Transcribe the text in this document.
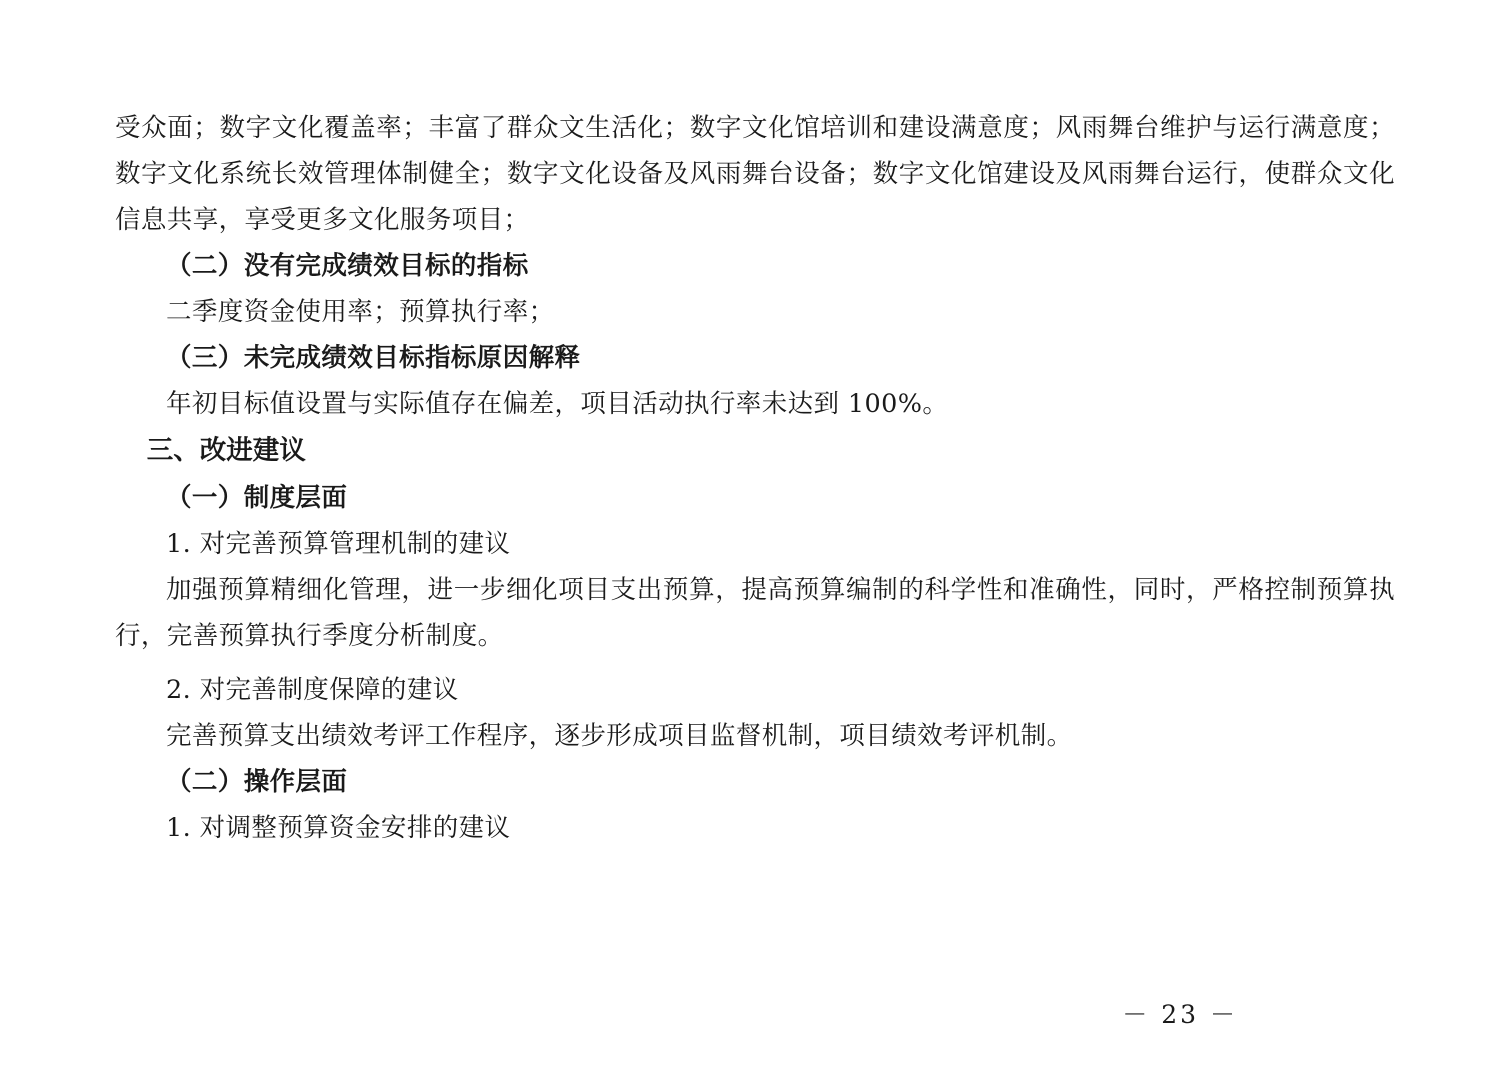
受众面；数字文化覆盖率；丰富了群众文生活化；数字文化馆培训和建设满意度；风雨舞台维护与运行满意度；数字文化系统长效管理体制健全；数字文化设备及风雨舞台设备；数字文化馆建设及风雨舞台运行，使群众文化信息共享，享受更多文化服务项目；

（二）没有完成绩效目标的指标

二季度资金使用率；预算执行率；

（三）未完成绩效目标指标原因解释

年初目标值设置与实际值存在偏差，项目活动执行率未达到 100%。

三、改进建议

（一）制度层面

1. 对完善预算管理机制的建议

加强预算精细化管理，进一步细化项目支出预算，提高预算编制的科学性和准确性，同时，严格控制预算执行，完善预算执行季度分析制度。

2. 对完善制度保障的建议

完善预算支出绩效考评工作程序，逐步形成项目监督机制，项目绩效考评机制。

（二）操作层面

1. 对调整预算资金安排的建议

－ 23 －
